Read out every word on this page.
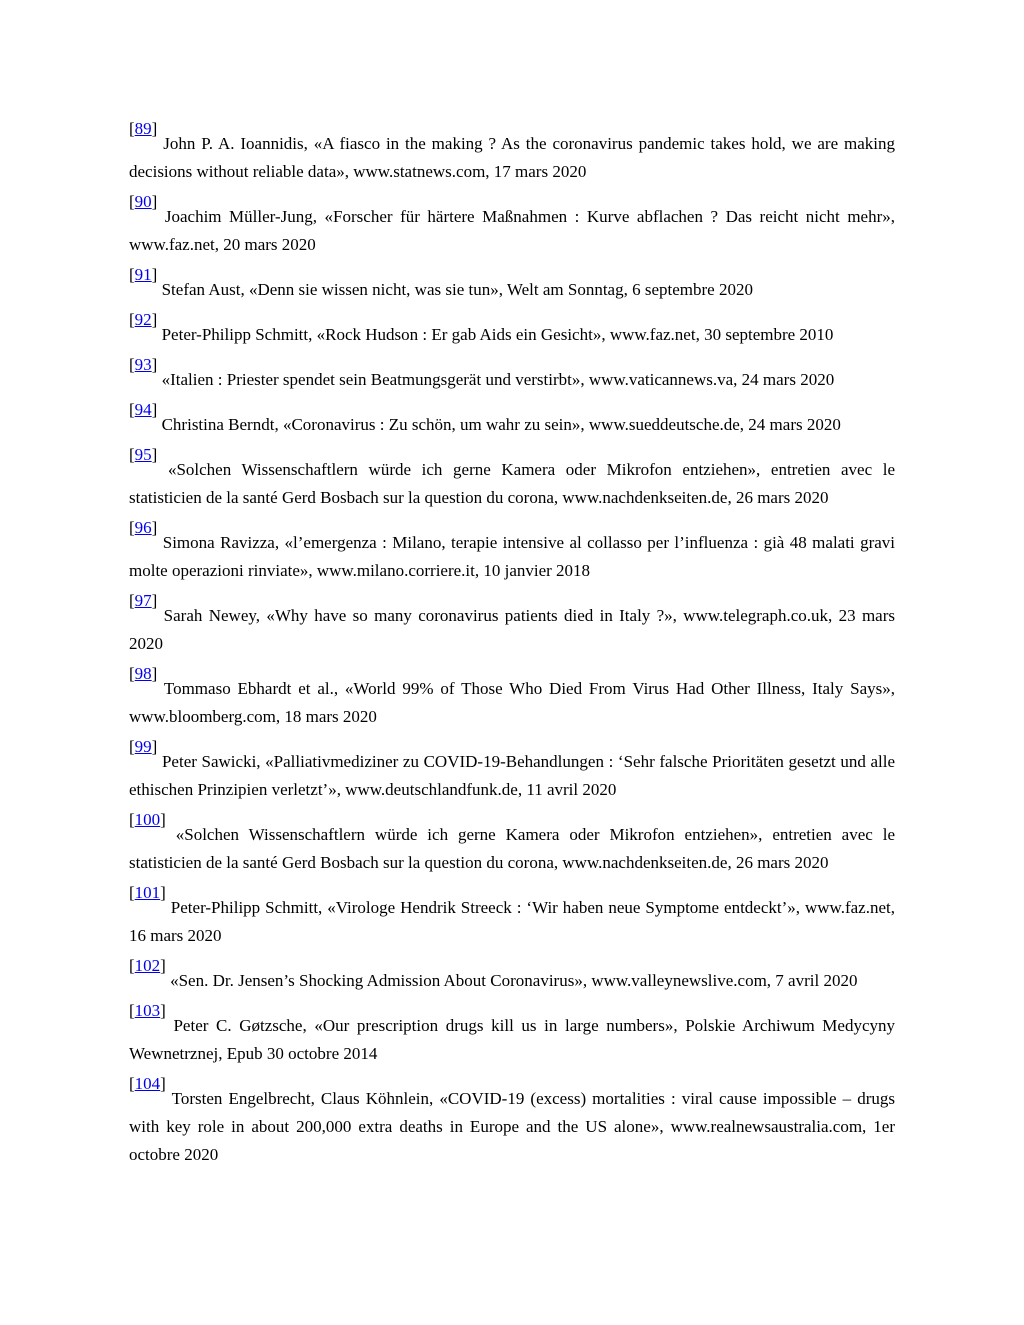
[89] John P. A. Ioannidis, «A fiasco in the making ? As the coronavirus pandemic takes hold, we are making decisions without reliable data», www.statnews.com, 17 mars 2020

[90] Joachim Müller-Jung, «Forscher für härtere Maßnahmen : Kurve abflachen ? Das reicht nicht mehr», www.faz.net, 20 mars 2020

[91] Stefan Aust, «Denn sie wissen nicht, was sie tun», Welt am Sonntag, 6 septembre 2020

[92] Peter-Philipp Schmitt, «Rock Hudson : Er gab Aids ein Gesicht», www.faz.net, 30 septembre 2010

[93] «Italien : Priester spendet sein Beatmungsgerät und verstirbt», www.vaticannews.va, 24 mars 2020

[94] Christina Berndt, «Coronavirus : Zu schön, um wahr zu sein», www.sueddeutsche.de, 24 mars 2020

[95] «Solchen Wissenschaftlern würde ich gerne Kamera oder Mikrofon entziehen», entretien avec le statisticien de la santé Gerd Bosbach sur la question du corona, www.nachdenkseiten.de, 26 mars 2020

[96] Simona Ravizza, «l’emergenza : Milano, terapie intensive al collasso per l’influenza : già 48 malati gravi molte operazioni rinviate», www.milano.corriere.it, 10 janvier 2018

[97] Sarah Newey, «Why have so many coronavirus patients died in Italy ?», www.telegraph.co.uk, 23 mars 2020

[98] Tommaso Ebhardt et al., «World 99% of Those Who Died From Virus Had Other Illness, Italy Says», www.bloomberg.com, 18 mars 2020

[99] Peter Sawicki, «Palliativmediziner zu COVID-19-Behandlungen : ‘Sehr falsche Prioritäten gesetzt und alle ethischen Prinzipien verletzt’», www.deutschlandfunk.de, 11 avril 2020

[100] «Solchen Wissenschaftlern würde ich gerne Kamera oder Mikrofon entziehen», entretien avec le statisticien de la santé Gerd Bosbach sur la question du corona, www.nachdenkseiten.de, 26 mars 2020

[101] Peter-Philipp Schmitt, «Virologe Hendrik Streeck : ‘Wir haben neue Symptome entdeckt’», www.faz.net, 16 mars 2020

[102] «Sen. Dr. Jensen’s Shocking Admission About Coronavirus», www.valleynewslive.com, 7 avril 2020

[103] Peter C. Gøtzsche, «Our prescription drugs kill us in large numbers», Polskie Archiwum Medycyny Wewnetrznej, Epub 30 octobre 2014

[104] Torsten Engelbrecht, Claus Köhnlein, «COVID-19 (excess) mortalities : viral cause impossible – drugs with key role in about 200,000 extra deaths in Europe and the US alone», www.realnewsaustralia.com, 1er octobre 2020
